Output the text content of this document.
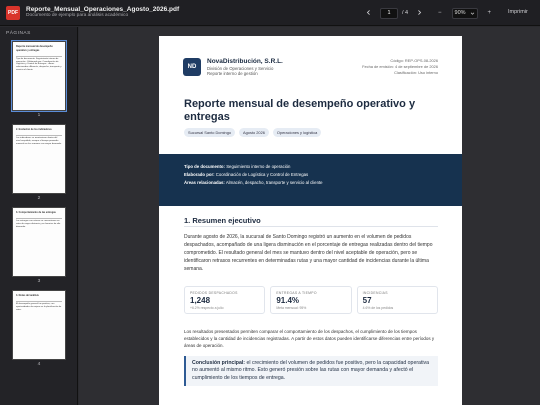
PDF	Reporte_Mensual_Operaciones_Agosto_2026.pdf
Documento de ejemplo para análisis académico
1	/ 4	− 90%	+	Imprimir
PÁGINAS
Reporte mensual de desempeño operativo y entregas
Tipo de documento: Seguimiento interno de operación · Elaborado por: Coordinación de Logística y Control de Entregas · Áreas relacionadas: Almacén, despacho, transporte y servicio al cliente
1
2. Evolución de los indicadores
Los indicadores se mantuvieron dentro del nivel aceptable, aunque el tiempo promedio aumentó en las semanas con mayor demanda.
2
3. Comportamiento de las entregas
Las entregas con retraso se concentraron en rutas de mayor distancia y en horarios de alta demanda.
3
4. Notas del análisis
El desempeño general fue positivo, con oportunidades de mejora en la planificación de rutas.
4
ND
NovaDistribución, S.R.L.
División de Operaciones y Servicio
Reporte interno de gestión
Código: REP-OPS-08-2026
Fecha de emisión: 4 de septiembre de 2026
Clasificación: Uso interno
Reporte mensual de desempeño operativo y entregas
Sucursal Santo Domingo	Agosto 2026	Operaciones y logística
Tipo de documento: Seguimiento interno de operación
Elaborado por: Coordinación de Logística y Control de Entregas
Áreas relacionadas: Almacén, despacho, transporte y servicio al cliente
1. Resumen ejecutivo
Durante agosto de 2026, la sucursal de Santo Domingo registró un aumento en el volumen de pedidos despachados, acompañado de una ligera disminución en el porcentaje de entregas realizadas dentro del tiempo comprometido. El resultado general del mes se mantuvo dentro del nivel aceptable de operación, pero se identificaron retrasos recurrentes en determinadas rutas y una mayor cantidad de incidencias durante la última semana.
PEDIDOS DESPACHADOS
1,248
+6.2% respecto a julio
ENTREGAS A TIEMPO
91.4%
Meta mensual: 95%
INCIDENCIAS
57
4.6% de los pedidos
Los resultados presentados permiten comparar el comportamiento de los despachos, el cumplimiento de los tiempos establecidos y la cantidad de incidencias registradas. A partir de estos datos pueden identificarse diferencias entre períodos y áreas de operación.
Conclusión principal: el crecimiento del volumen de pedidos fue positivo, pero la capacidad operativa no aumentó al mismo ritmo. Esto generó presión sobre las rutas con mayor demanda y afectó el cumplimiento de los tiempos de entrega.
